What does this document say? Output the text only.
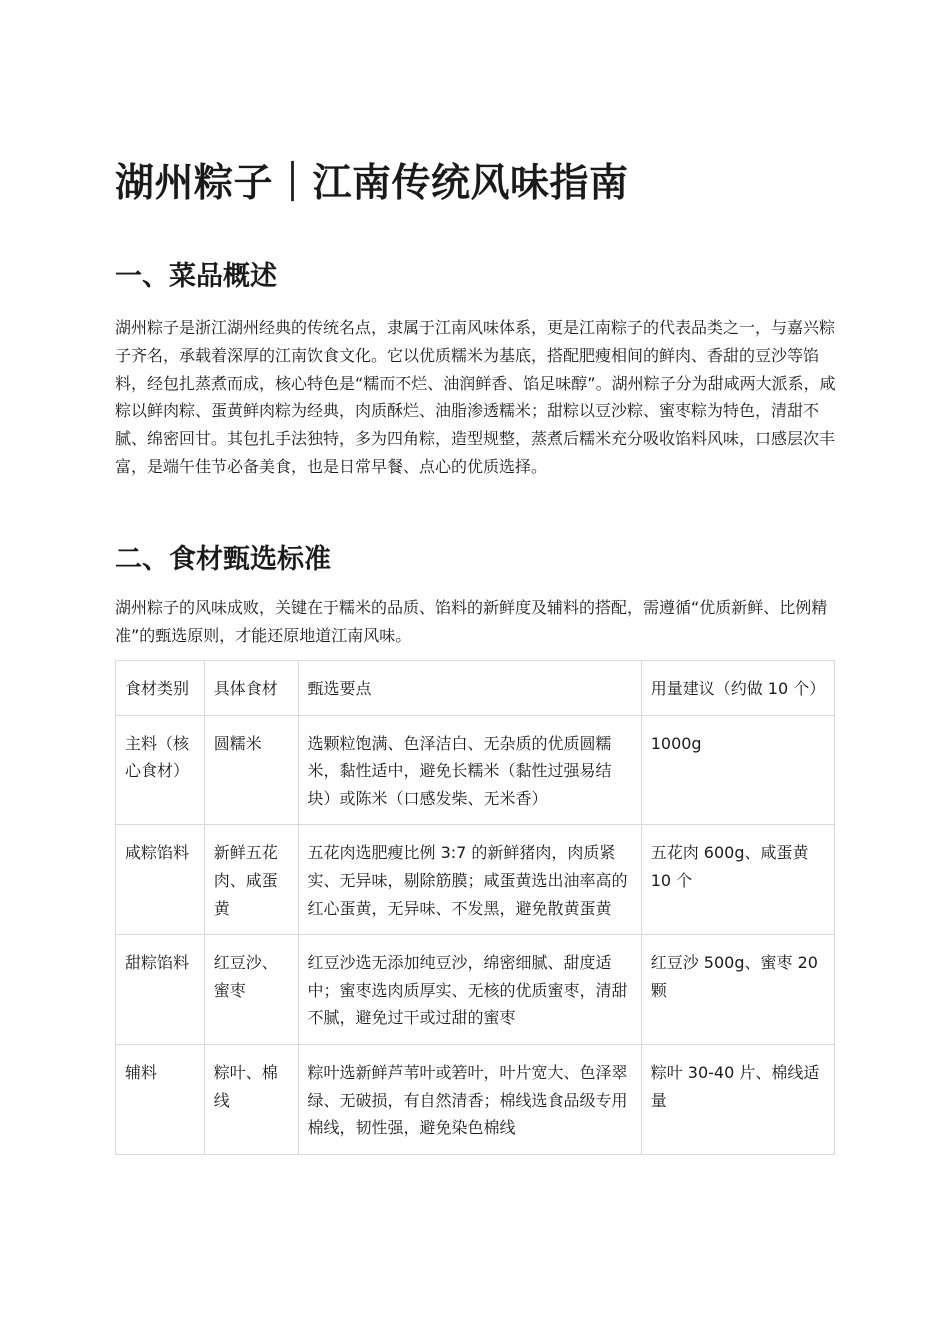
湖州粽子｜江南传统风味指南
一、菜品概述

湖州粽子是浙江湖州经典的传统名点，隶属于江南风味体系，更是江南粽子的代表品类之一，与嘉兴粽子齐名，承载着深厚的江南饮食文化。它以优质糯米为基底，搭配肥瘦相间的鲜肉、香甜的豆沙等馅料，经包扎蒸煮而成，核心特色是“糯而不烂、油润鲜香、馅足味醇”。湖州粽子分为甜咸两大派系，咸粽以鲜肉粽、蛋黄鲜肉粽为经典，肉质酥烂、油脂渗透糯米；甜粽以豆沙粽、蜜枣粽为特色，清甜不腻、绵密回甘。其包扎手法独特，多为四角粽，造型规整，蒸煮后糯米充分吸收馅料风味，口感层次丰富，是端午佳节必备美食，也是日常早餐、点心的优质选择。

二、食材甄选标准

湖州粽子的风味成败，关键在于糯米的品质、馅料的新鲜度及辅料的搭配，需遵循“优质新鲜、比例精准”的甄选原则，才能还原地道江南风味。

食材类别	具体食材	甄选要点	用量建议（约做 10 个）
主料（核心食材）	圆糯米	选颗粒饱满、色泽洁白、无杂质的优质圆糯米，黏性适中，避免长糯米（黏性过强易结块）或陈米（口感发柴、无米香）	1000g
咸粽馅料	新鲜五花肉、咸蛋黄	五花肉选肥瘦比例 3:7 的新鲜猪肉，肉质紧实、无异味，剔除筋膜；咸蛋黄选出油率高的红心蛋黄，无异味、不发黑，避免散黄蛋黄	五花肉 600g、咸蛋黄 10 个
甜粽馅料	红豆沙、蜜枣	红豆沙选无添加纯豆沙，绵密细腻、甜度适中；蜜枣选肉质厚实、无核的优质蜜枣，清甜不腻，避免过干或过甜的蜜枣	红豆沙 500g、蜜枣 20 颗
辅料	粽叶、棉线	粽叶选新鲜芦苇叶或箬叶，叶片宽大、色泽翠绿、无破损，有自然清香；棉线选食品级专用棉线，韧性强，避免染色棉线	粽叶 30-40 片、棉线适量
